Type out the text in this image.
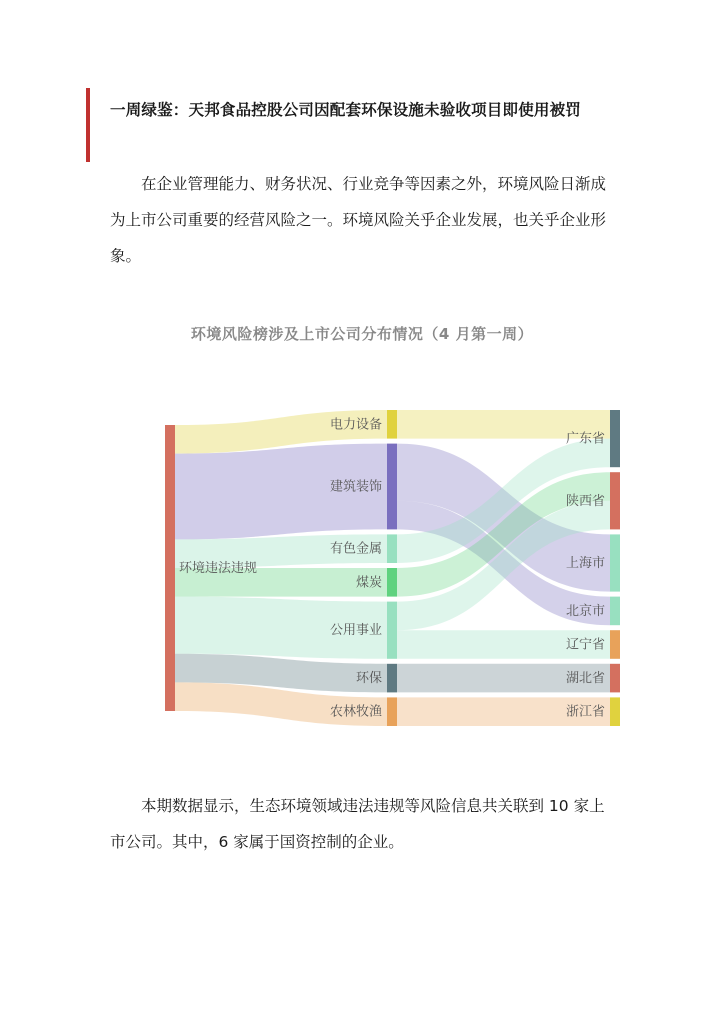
一周绿鉴：天邦食品控股公司因配套环保设施未验收项目即使用被罚
在企业管理能力、财务状况、行业竞争等因素之外，环境风险日渐成为上市公司重要的经营风险之一。环境风险关乎企业发展，也关乎企业形象。
环境风险榜涉及上市公司分布情况（4 月第一周）
环境违法违规
电力设备
建筑装饰
有色金属
煤炭
公用事业
环保
农林牧渔
广东省
陕西省
上海市
北京市
辽宁省
湖北省
浙江省
本期数据显示，生态环境领域违法违规等风险信息共关联到 10 家上市公司。其中，6 家属于国资控制的企业。
